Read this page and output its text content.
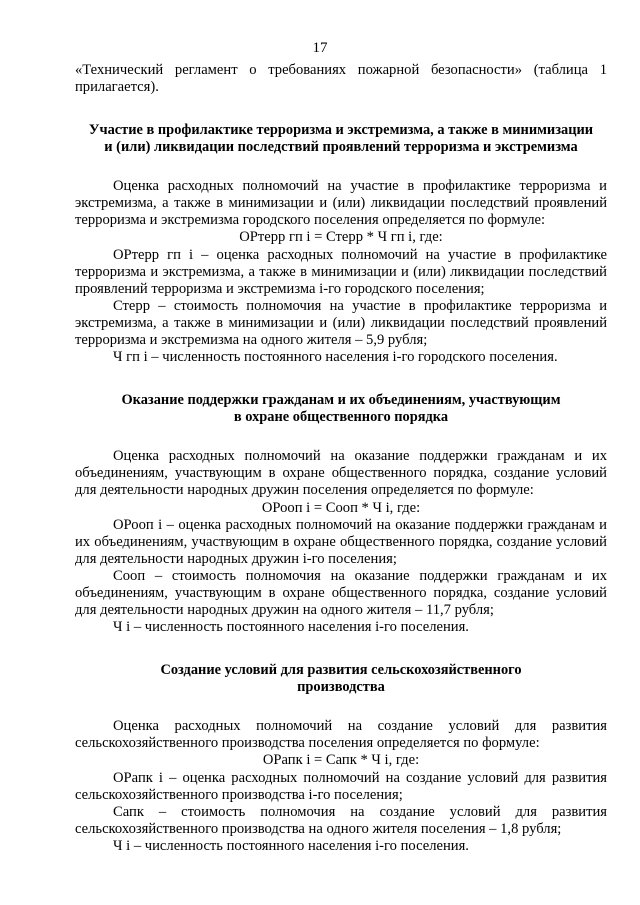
17

«Технический регламент о требованиях пожарной безопасности» (таблица 1 прилагается).

Участие в профилактике терроризма и экстремизма, а также в минимизации
и (или) ликвидации последствий проявлений терроризма и экстремизма

Оценка расходных полномочий на участие в профилактике терроризма и экстремизма, а также в минимизации и (или) ликвидации последствий проявлений терроризма и экстремизма городского поселения определяется по формуле:

ОРтерр гп i = Стерр * Ч гп i, где:

ОРтерр гп i – оценка расходных полномочий на участие в профилактике терроризма и экстремизма, а также в минимизации и (или) ликвидации последствий проявлений терроризма и экстремизма i-го городского поселения;

Стерр – стоимость полномочия на участие в профилактике терроризма и экстремизма, а также в минимизации и (или) ликвидации последствий проявлений терроризма и экстремизма на одного жителя – 5,9 рубля;

Ч гп i – численность постоянного населения i-го городского поселения.

Оказание поддержки гражданам и их объединениям, участвующим
в охране общественного порядка

Оценка расходных полномочий на оказание поддержки гражданам и их объединениям, участвующим в охране общественного порядка, создание условий для деятельности народных дружин поселения определяется по формуле:

ОРооп i = Cооп * Ч i, где:

ОРооп i – оценка расходных полномочий на оказание поддержки гражданам и их объединениям, участвующим в охране общественного порядка, создание условий для деятельности народных дружин i-го поселения;

Cооп – стоимость полномочия на оказание поддержки гражданам и их объединениям, участвующим в охране общественного порядка, создание условий для деятельности народных дружин на одного жителя – 11,7 рубля;

Ч i – численность постоянного населения i-го поселения.

Создание условий для развития сельскохозяйственного
производства

Оценка расходных полномочий на создание условий для развития сельскохозяйственного производства поселения определяется по формуле:

ОРапк i = Сапк * Ч i, где:

ОРапк i – оценка расходных полномочий на создание условий для развития сельскохозяйственного производства i-го поселения;

Сапк – стоимость полномочия на создание условий для развития сельскохозяйственного производства на одного жителя поселения – 1,8 рубля;

Ч i – численность постоянного населения i-го поселения.
